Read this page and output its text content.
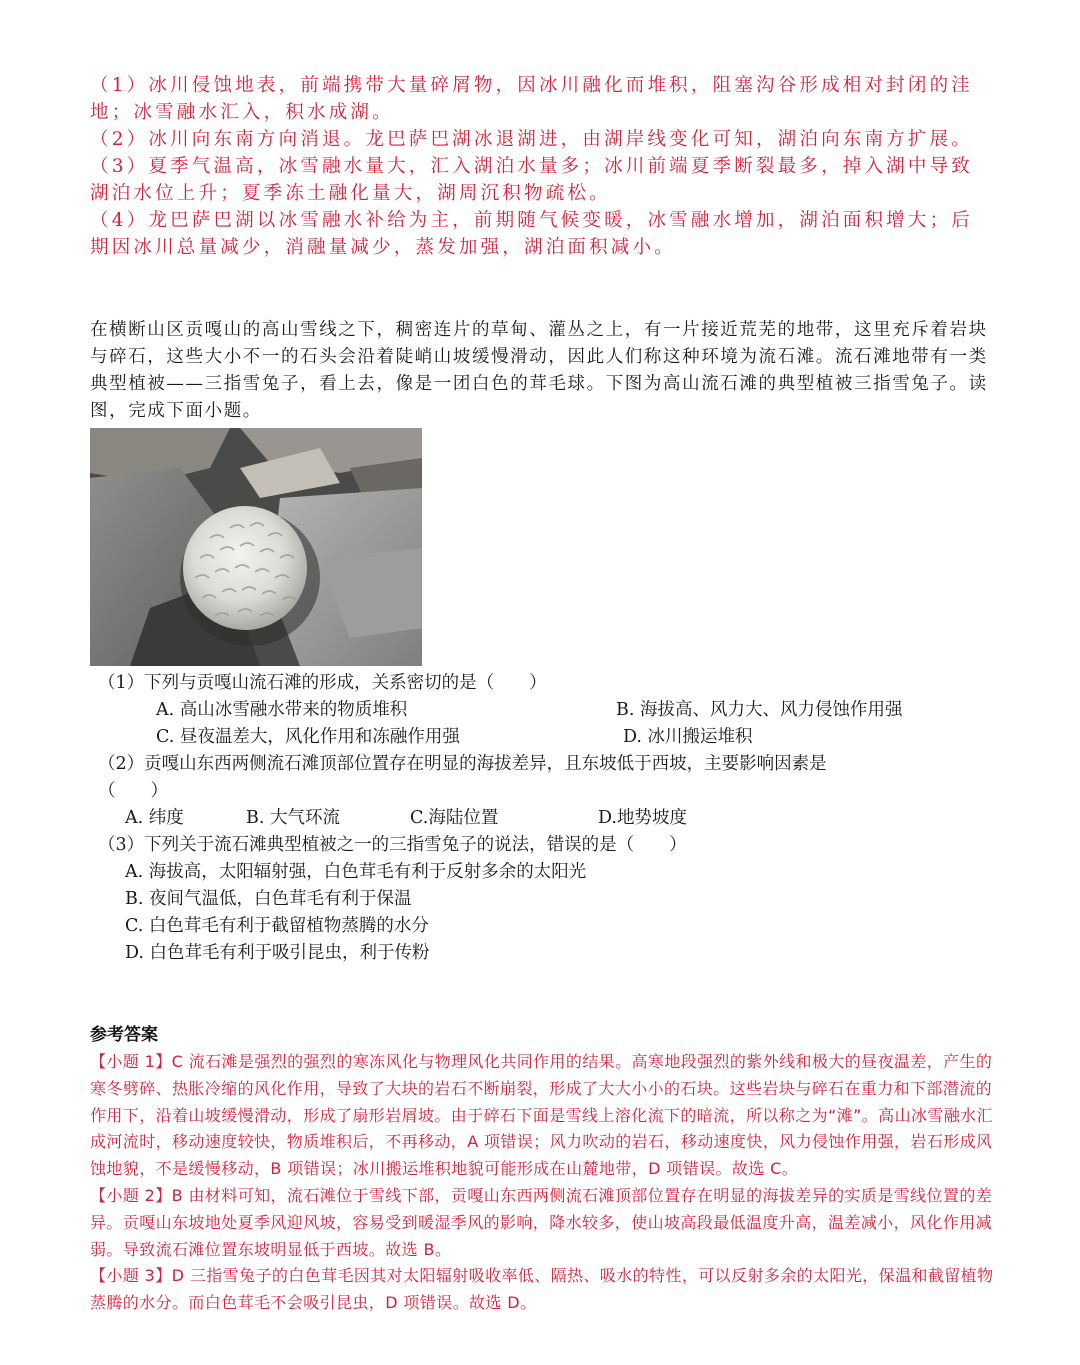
（1）冰川侵蚀地表，前端携带大量碎屑物，因冰川融化而堆积，阻塞沟谷形成相对封闭的洼地；冰雪融水汇入，积水成湖。

（2）冰川向东南方向消退。龙巴萨巴湖冰退湖进，由湖岸线变化可知，湖泊向东南方扩展。

（3）夏季气温高，冰雪融水量大，汇入湖泊水量多；冰川前端夏季断裂最多，掉入湖中导致湖泊水位上升；夏季冻土融化量大，湖周沉积物疏松。

（4）龙巴萨巴湖以冰雪融水补给为主，前期随气候变暖，冰雪融水增加，湖泊面积增大；后期因冰川总量减少，消融量减少，蒸发加强，湖泊面积减小。

在横断山区贡嘎山的高山雪线之下，稠密连片的草甸、灌丛之上，有一片接近荒芜的地带，这里充斥着岩块与碎石，这些大小不一的石头会沿着陡峭山坡缓慢滑动，因此人们称这种环境为流石滩。流石滩地带有一类典型植被——三指雪兔子，看上去，像是一团白色的茸毛球。下图为高山流石滩的典型植被三指雪兔子。读图，完成下面小题。

（1）下列与贡嘎山流石滩的形成，关系密切的是（　　）

A. 高山冰雪融水带来的物质堆积	B. 海拔高、风力大、风力侵蚀作用强
C. 昼夜温差大，风化作用和冻融作用强	D. 冰川搬运堆积

（2）贡嘎山东西两侧流石滩顶部位置存在明显的海拔差异，且东坡低于西坡，主要影响因素是

（　　）

A. 纬度	B. 大气环流	C.海陆位置	D.地势坡度

（3）下列关于流石滩典型植被之一的三指雪兔子的说法，错误的是（　　）

A. 海拔高，太阳辐射强，白色茸毛有利于反射多余的太阳光

B. 夜间气温低，白色茸毛有利于保温

C. 白色茸毛有利于截留植物蒸腾的水分

D. 白色茸毛有利于吸引昆虫，利于传粉

参考答案

【小题 1】C 流石滩是强烈的强烈的寒冻风化与物理风化共同作用的结果。高寒地段强烈的紫外线和极大的昼夜温差，产生的寒冬劈碎、热胀冷缩的风化作用，导致了大块的岩石不断崩裂，形成了大大小小的石块。这些岩块与碎石在重力和下部潜流的作用下，沿着山坡缓慢滑动，形成了扇形岩屑坡。由于碎石下面是雪线上溶化流下的暗流，所以称之为“滩”。高山冰雪融水汇成河流时，移动速度较快，物质堆积后，不再移动，A 项错误；风力吹动的岩石，移动速度快，风力侵蚀作用强，岩石形成风蚀地貌，不是缓慢移动，B 项错误；冰川搬运堆积地貌可能形成在山麓地带，D 项错误。故选 C。

【小题 2】B 由材料可知，流石滩位于雪线下部，贡嘎山东西两侧流石滩顶部位置存在明显的海拔差异的实质是雪线位置的差异。贡嘎山东坡地处夏季风迎风坡，容易受到暖湿季风的影响，降水较多，使山坡高段最低温度升高，温差减小，风化作用减弱。导致流石滩位置东坡明显低于西坡。故选 B。

【小题 3】D 三指雪兔子的白色茸毛因其对太阳辐射吸收率低、隔热、吸水的特性，可以反射多余的太阳光，保温和截留植物蒸腾的水分。而白色茸毛不会吸引昆虫，D 项错误。故选 D。
